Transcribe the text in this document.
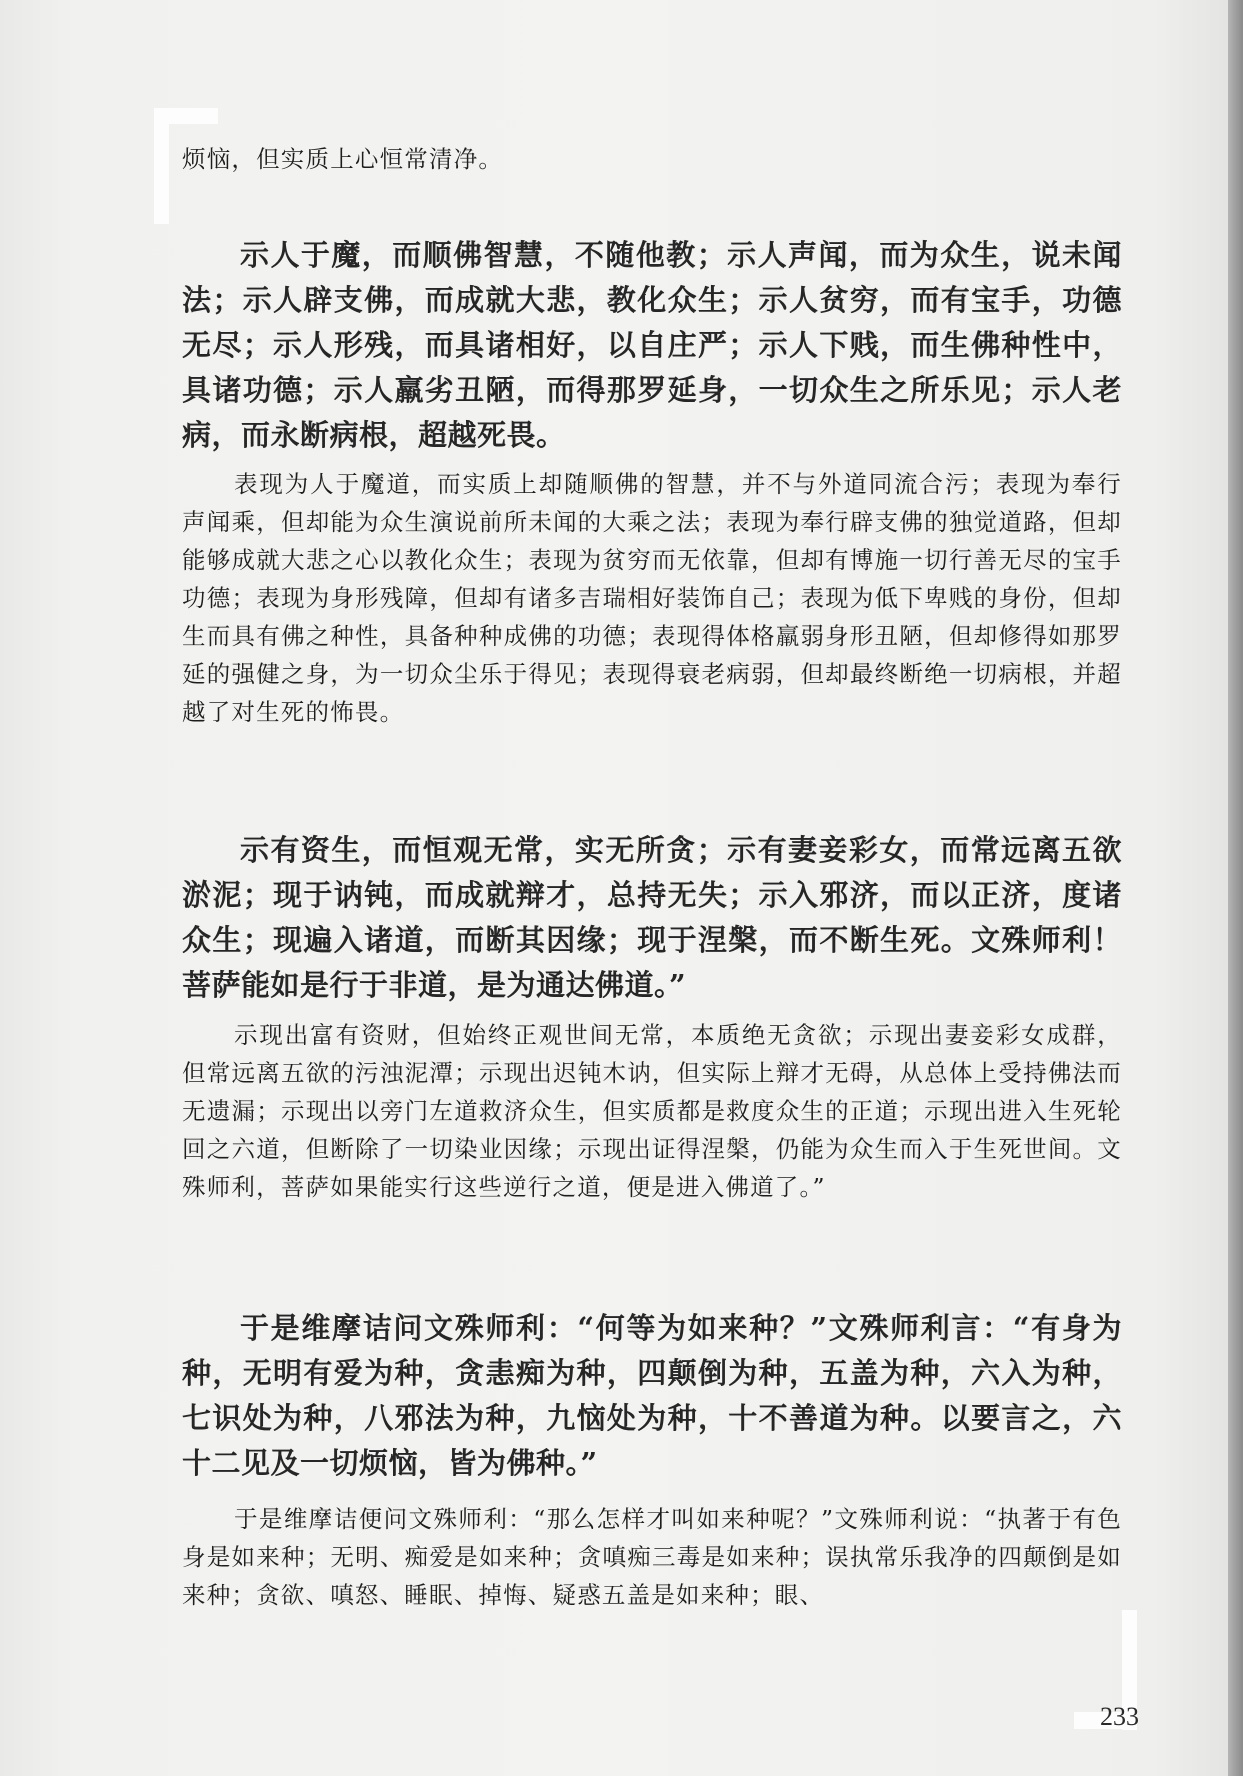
烦恼，但实质上心恒常清净。

示人于魔，而顺佛智慧，不随他教；示人声闻，而为众生，说未闻法；示人辟支佛，而成就大悲，教化众生；示人贫穷，而有宝手，功德无尽；示人形残，而具诸相好，以自庄严；示人下贱，而生佛种性中，具诸功德；示人羸劣丑陋，而得那罗延身，一切众生之所乐见；示人老病，而永断病根，超越死畏。

表现为人于魔道，而实质上却随顺佛的智慧，并不与外道同流合污；表现为奉行声闻乘，但却能为众生演说前所未闻的大乘之法；表现为奉行辟支佛的独觉道路，但却能够成就大悲之心以教化众生；表现为贫穷而无依靠，但却有博施一切行善无尽的宝手功德；表现为身形残障，但却有诸多吉瑞相好装饰自己；表现为低下卑贱的身份，但却生而具有佛之种性，具备种种成佛的功德；表现得体格羸弱身形丑陋，但却修得如那罗延的强健之身，为一切众尘乐于得见；表现得衰老病弱，但却最终断绝一切病根，并超越了对生死的怖畏。

示有资生，而恒观无常，实无所贪；示有妻妾彩女，而常远离五欲淤泥；现于讷钝，而成就辩才，总持无失；示入邪济，而以正济，度诸众生；现遍入诸道，而断其因缘；现于涅槃，而不断生死。文殊师利！菩萨能如是行于非道，是为通达佛道。”

示现出富有资财，但始终正观世间无常，本质绝无贪欲；示现出妻妾彩女成群，但常远离五欲的污浊泥潭；示现出迟钝木讷，但实际上辩才无碍，从总体上受持佛法而无遗漏；示现出以旁门左道救济众生，但实质都是救度众生的正道；示现出进入生死轮回之六道，但断除了一切染业因缘；示现出证得涅槃，仍能为众生而入于生死世间。文殊师利，菩萨如果能实行这些逆行之道，便是进入佛道了。”

于是维摩诘问文殊师利：“何等为如来种？”文殊师利言：“有身为种，无明有爱为种，贪恚痴为种，四颠倒为种，五盖为种，六入为种，七识处为种，八邪法为种，九恼处为种，十不善道为种。以要言之，六十二见及一切烦恼，皆为佛种。”

于是维摩诘便问文殊师利：“那么怎样才叫如来种呢？”文殊师利说：“执著于有色身是如来种；无明、痴爱是如来种；贪嗔痴三毒是如来种；误执常乐我净的四颠倒是如来种；贪欲、嗔怒、睡眠、掉悔、疑惑五盖是如来种；眼、

233
